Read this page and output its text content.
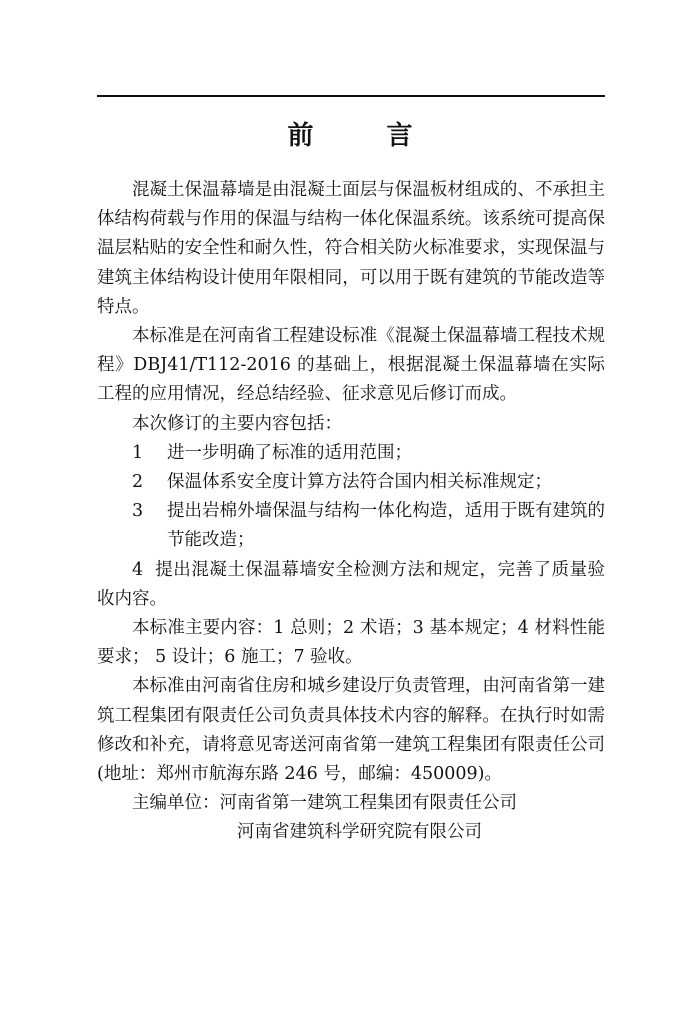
前 言

混凝土保温幕墙是由混凝土面层与保温板材组成的、不承担主体结构荷载与作用的保温与结构一体化保温系统。该系统可提高保温层粘贴的安全性和耐久性，符合相关防火标准要求，实现保温与建筑主体结构设计使用年限相同，可以用于既有建筑的节能改造等特点。

本标准是在河南省工程建设标准《混凝土保温幕墙工程技术规程》DBJ41/T112-2016 的基础上，根据混凝土保温幕墙在实际工程的应用情况，经总结经验、征求意见后修订而成。

本次修订的主要内容包括：

1	进一步明确了标准的适用范围；
2	保温体系安全度计算方法符合国内相关标准规定；
3	提出岩棉外墙保温与结构一体化构造，适用于既有建筑的节能改造；

4 提出混凝土保温幕墙安全检测方法和规定，完善了质量验收内容。

本标准主要内容：1 总则；2 术语；3 基本规定；4 材料性能要求； 5 设计；6 施工；7 验收。

本标准由河南省住房和城乡建设厅负责管理，由河南省第一建筑工程集团有限责任公司负责具体技术内容的解释。在执行时如需修改和补充，请将意见寄送河南省第一建筑工程集团有限责任公司(地址：郑州市航海东路 246 号，邮编：450009)。

主编单位：河南省第一建筑工程集团有限责任公司

河南省建筑科学研究院有限公司
